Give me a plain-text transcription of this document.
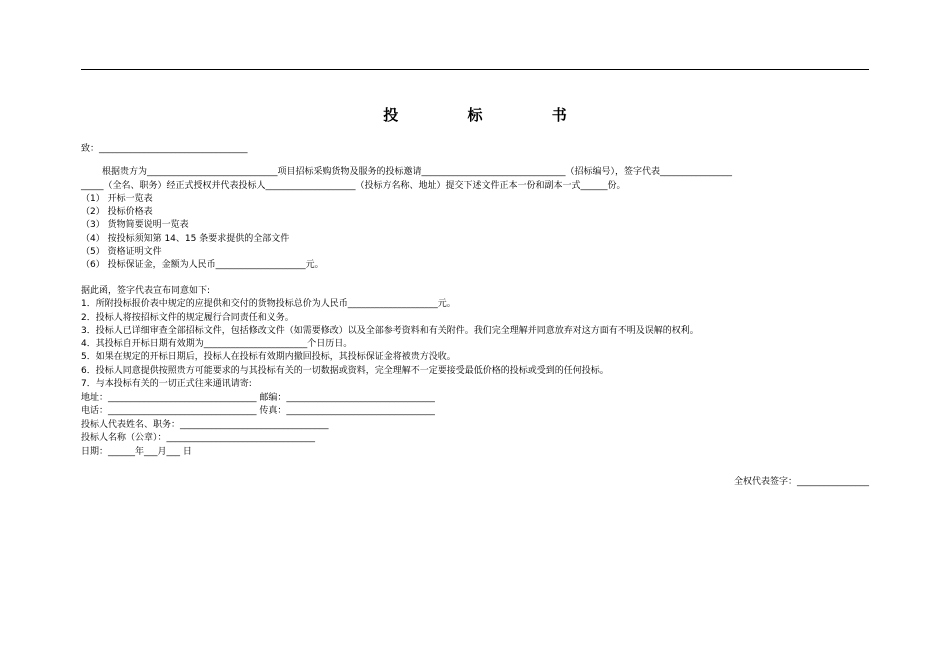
投 标 书
致：_________________________________
根据贵方为_____________________________项目招标采购货物及服务的投标邀请________________________________（招标编号），签字代表________________
_____（全名、职务）经正式授权并代表投标人____________________（投标方名称、地址）提交下述文件正本一份和副本一式______份。
（1） 开标一览表
（2） 投标价格表
（3） 货物简要说明一览表
（4） 按投标须知第 14、15 条要求提供的全部文件
（5） 资格证明文件
（6） 投标保证金，金额为人民币____________________元。
据此函，签字代表宣布同意如下:
1．所附投标报价表中规定的应提供和交付的货物投标总价为人民币____________________元。
2．投标人将按招标文件的规定履行合同责任和义务。
3．投标人已详细审查全部招标文件，包括修改文件（如需要修改）以及全部参考资料和有关附件。我们完全理解并同意放弃对这方面有不明及误解的权利。
4．其投标自开标日期有效期为_______________________个日历日。
5．如果在规定的开标日期后，投标人在投标有效期内撤回投标，其投标保证金将被贵方没收。
6．投标人同意提供按照贵方可能要求的与其投标有关的一切数据或资料，完全理解不一定要接受最低价格的投标或受到的任何投标。
7．与本投标有关的一切正式往来通讯请寄:
地址：_________________________________ 邮编：_________________________________
电话：_________________________________ 传真：_________________________________
投标人代表姓名、职务：_________________________________
投标人名称（公章）：_________________________________
日期：______年___月___ 日
全权代表签字：________________
